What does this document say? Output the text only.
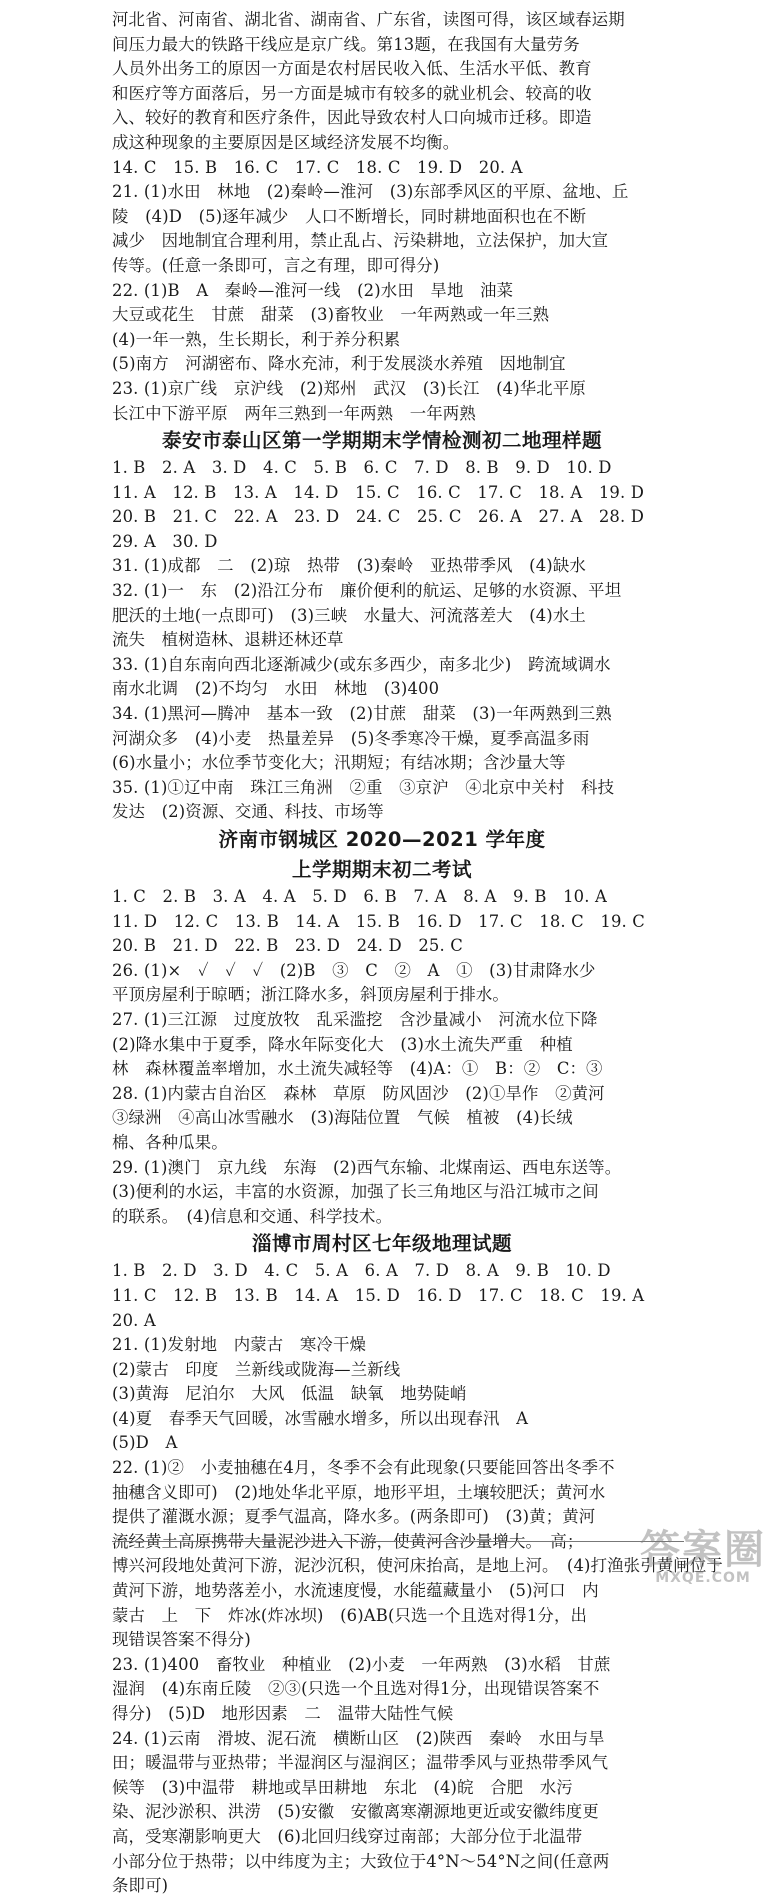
河北省、河南省、湖北省、湖南省、广东省，读图可得，该区域春运期
间压力最大的铁路干线应是京广线。第13题，在我国有大量劳务
人员外出务工的原因一方面是农村居民收入低、生活水平低、教育
和医疗等方面落后，另一方面是城市有较多的就业机会、较高的收
入、较好的教育和医疗条件，因此导致农村人口向城市迁移。即造
成这种现象的主要原因是区域经济发展不均衡。
14. C　15. B　16. C　17. C　18. C　19. D　20. A
21. (1)水田　林地　(2)秦岭—淮河　(3)东部季风区的平原、盆地、丘
陵　(4)D　(5)逐年减少　人口不断增长，同时耕地面积也在不断
减少　因地制宜合理利用，禁止乱占、污染耕地，立法保护，加大宣
传等。(任意一条即可，言之有理，即可得分)
22. (1)B　A　秦岭—淮河一线　(2)水田　旱地　油菜
大豆或花生　甘蔗　甜菜　(3)畜牧业　一年两熟或一年三熟
(4)一年一熟，生长期长，利于养分积累
(5)南方　河湖密布、降水充沛，利于发展淡水养殖　因地制宜
23. (1)京广线　京沪线　(2)郑州　武汉　(3)长江　(4)华北平原
长江中下游平原　两年三熟到一年两熟　一年两熟
泰安市泰山区第一学期期末学情检测初二地理样题
1. B　2. A　3. D　4. C　5. B　6. C　7. D　8. B　9. D　10. D
11. A　12. B　13. A　14. D　15. C　16. C　17. C　18. A　19. D
20. B　21. C　22. A　23. D　24. C　25. C　26. A　27. A　28. D
29. A　30. D
31. (1)成都　二　(2)琼　热带　(3)秦岭　亚热带季风　(4)缺水
32. (1)一　东　(2)沿江分布　廉价便利的航运、足够的水资源、平坦
肥沃的土地(一点即可)　(3)三峡　水量大、河流落差大　(4)水土
流失　植树造林、退耕还林还草
33. (1)自东南向西北逐渐减少(或东多西少，南多北少)　跨流域调水
南水北调　(2)不均匀　水田　林地　(3)400
34. (1)黑河—腾冲　基本一致　(2)甘蔗　甜菜　(3)一年两熟到三熟
河湖众多　(4)小麦　热量差异　(5)冬季寒冷干燥，夏季高温多雨
(6)水量小；水位季节变化大；汛期短；有结冰期；含沙量大等
35. (1)①辽中南　珠江三角洲　②重　③京沪　④北京中关村　科技
发达　(2)资源、交通、科技、市场等
济南市钢城区 2020—2021 学年度
上学期期末初二考试
1. C　2. B　3. A　4. A　5. D　6. B　7. A　8. A　9. B　10. A
11. D　12. C　13. B　14. A　15. B　16. D　17. C　18. C　19. C
20. B　21. D　22. B　23. D　24. D　25. C
26. (1)×　✓　✓　✓　(2)B　③　C　②　A　①　(3)甘肃降水少
平顶房屋利于晾晒；浙江降水多，斜顶房屋利于排水。
27. (1)三江源　过度放牧　乱采滥挖　含沙量减小　河流水位下降
(2)降水集中于夏季，降水年际变化大　(3)水土流失严重　种植
林　森林覆盖率增加，水土流失减轻等　(4)A：①　B：②　C：③
28. (1)内蒙古自治区　森林　草原　防风固沙　(2)①旱作　②黄河
③绿洲　④高山冰雪融水　(3)海陆位置　气候　植被　(4)长绒
棉、各种瓜果。
29. (1)澳门　京九线　东海　(2)西气东输、北煤南运、西电东送等。
(3)便利的水运，丰富的水资源，加强了长三角地区与沿江城市之间
的联系。　(4)信息和交通、科学技术。
淄博市周村区七年级地理试题
1. B　2. D　3. D　4. C　5. A　6. A　7. D　8. A　9. B　10. D
11. C　12. B　13. B　14. A　15. D　16. D　17. C　18. C　19. A
20. A
21. (1)发射地　内蒙古　寒冷干燥
(2)蒙古　印度　兰新线或陇海—兰新线
(3)黄海　尼泊尔　大风　低温　缺氧　地势陡峭
(4)夏　春季天气回暖，冰雪融水增多，所以出现春汛　A
(5)D　A
22. (1)②　小麦抽穗在4月，冬季不会有此现象(只要能回答出冬季不
抽穗含义即可)　(2)地处华北平原，地形平坦，土壤较肥沃；黄河水
提供了灌溉水源；夏季气温高，降水多。(两条即可)　(3)黄；黄河
流经黄土高原携带大量泥沙进入下游，使黄河含沙量增大。　高；
博兴河段地处黄河下游，泥沙沉积，使河床抬高，是地上河。　(4)打渔张引黄闸位于
黄河下游，地势落差小，水流速度慢，水能蕴藏量小　(5)河口　内
蒙古　上　下　炸冰(炸冰坝)　(6)AB(只选一个且选对得1分，出
现错误答案不得分)
23. (1)400　畜牧业　种植业　(2)小麦　一年两熟　(3)水稻　甘蔗
湿润　(4)东南丘陵　②③(只选一个且选对得1分，出现错误答案不
得分)　(5)D　地形因素　二　温带大陆性气候
24. (1)云南　滑坡、泥石流　横断山区　(2)陕西　秦岭　水田与旱
田；暖温带与亚热带；半湿润区与湿润区；温带季风与亚热带季风气
候等　(3)中温带　耕地或旱田耕地　东北　(4)皖　合肥　水污
染、泥沙淤积、洪涝　(5)安徽　安徽离寒潮源地更近或安徽纬度更
高，受寒潮影响更大　(6)北回归线穿过南部；大部分位于北温带
小部分位于热带；以中纬度为主；大致位于4°N～54°N之间(任意两
条即可)
答案圈
MXQE.COM
